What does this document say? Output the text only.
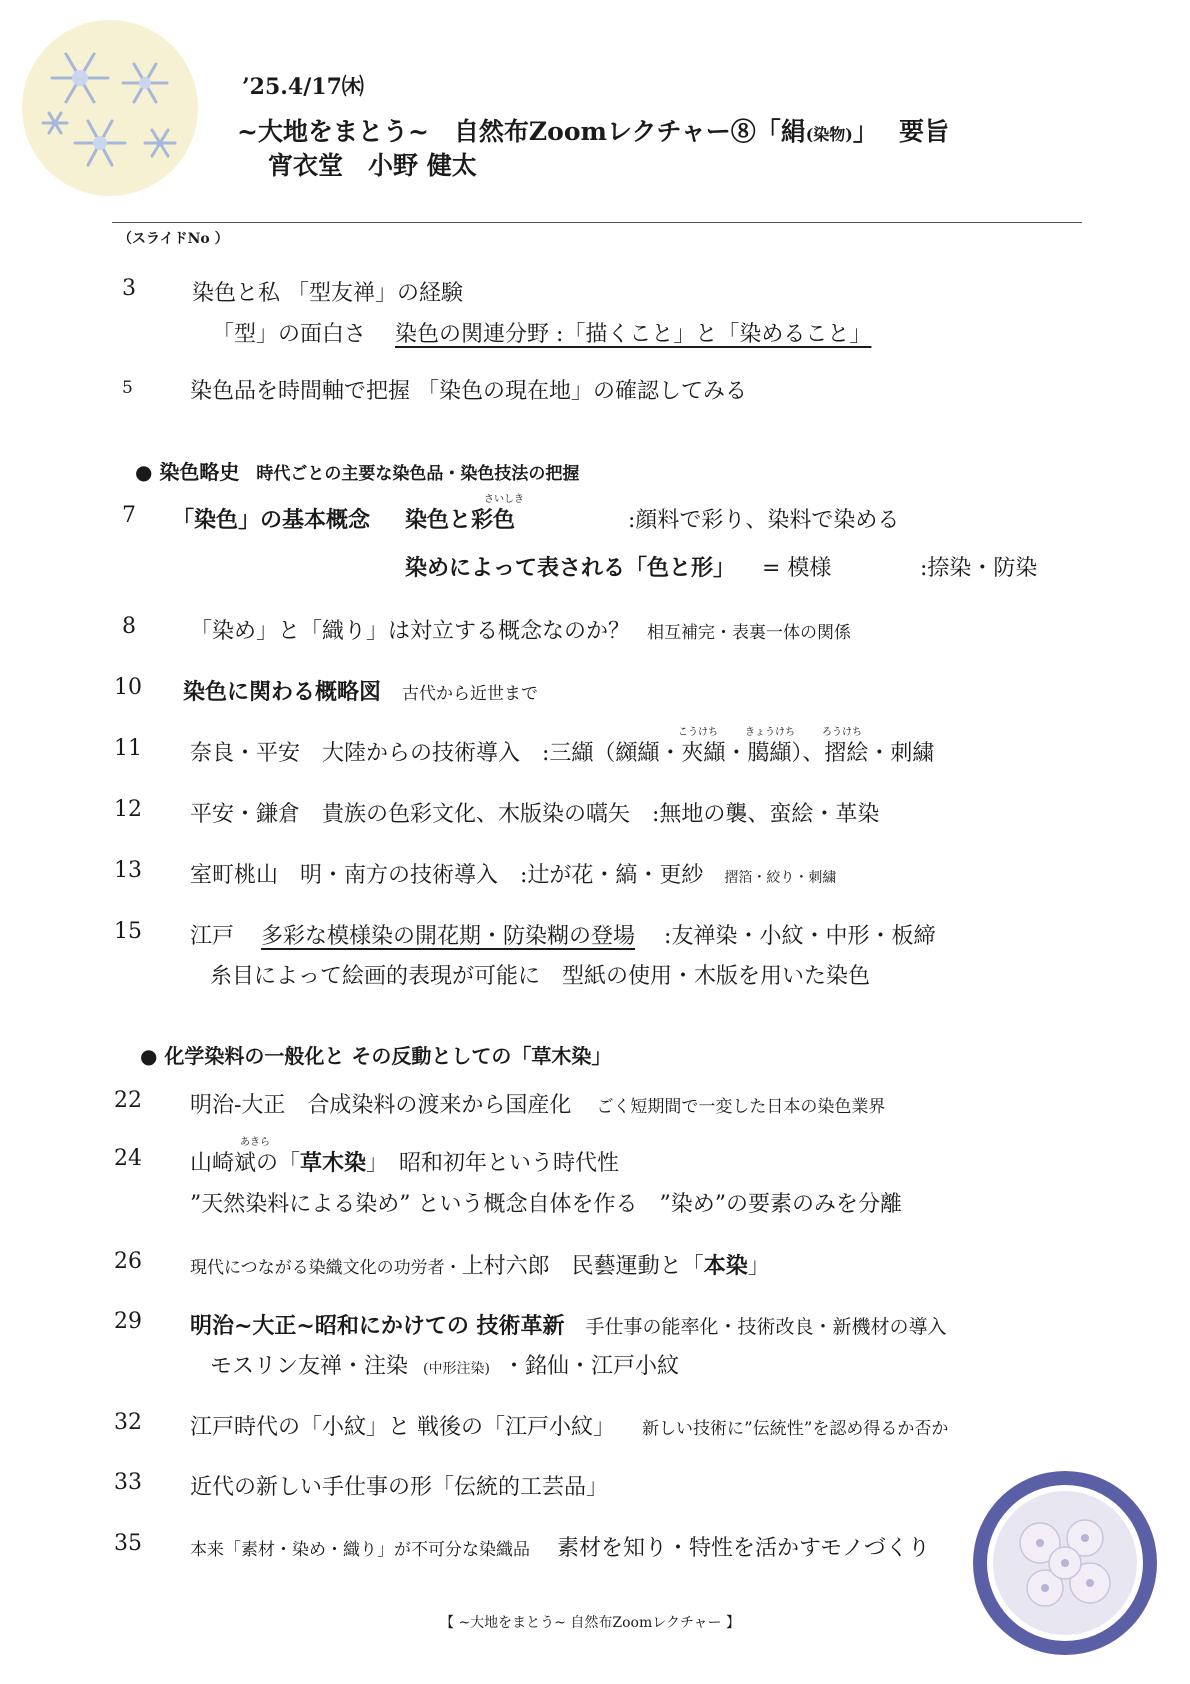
’25.4/17㈭
~大地をまとう~　自然布Zoomレクチャー⑧「絹(染物)」　 要旨
宵衣堂　小野 健太
（スライドNo ）
3	染色と私 「型友禅」の経験
「型」の面白さ 染色の関連分野 :「描くこと」と「染めること」
5	染色品を時間軸で把握 「染色の現在地」の確認してみる
● 染色略史 時代ごとの主要な染色品・染色技法の把握
7 「染色」の基本概念
さいしき
染色と彩色	:顔料で彩り、染料で染める
染めによって表される「色と形」 = 模様	:捺染・防染
8 「染め」と「織り」は対立する概念なのか？ 相互補完・表裏一体の関係
10 染色に関わる概略図 古代から近世まで
11
こうけち	きょうけち	ろうけち
奈良・平安　大陸からの技術導入　:三纈（纐纈・夾纈・臈纈）、摺絵・刺繍
12 平安・鎌倉　貴族の色彩文化、木版染の嚆矢　:無地の襲、蛮絵・革染
13 室町桃山　明・南方の技術導入　:辻が花・縞・更紗 摺箔・絞り・刺繍
15 江戸 多彩な模様染の開花期・防染糊の登場 :友禅染・小紋・中形・板締
糸目によって絵画的表現が可能に　型紙の使用・木版を用いた染色
● 化学染料の一般化と その反動としての「草木染」
22 明治-大正　合成染料の渡来から国産化 ごく短期間で一変した日本の染色業界
24
あきら
山崎斌の「草木染」　昭和初年という時代性
”天然染料による染め” という概念自体を作る　”染め”の要素のみを分離
26	現代につながる染織文化の功労者・上村六郎　民藝運動と「本染」
29 明治~大正~昭和にかけての 技術革新 手仕事の能率化・技術改良・新機材の導入
モスリン友禅・注染 (中形注染) ・銘仙・江戸小紋
32 江戸時代の「小紋」と 戦後の「江戸小紋」 新しい技術に”伝統性”を認め得るか否か
33 近代の新しい手仕事の形「伝統的工芸品」
35	本来「素材・染め・織り」が不可分な染織品 素材を知り・特性を活かすモノづくり
【 ~大地をまとう~ 自然布Zoomレクチャー 】
